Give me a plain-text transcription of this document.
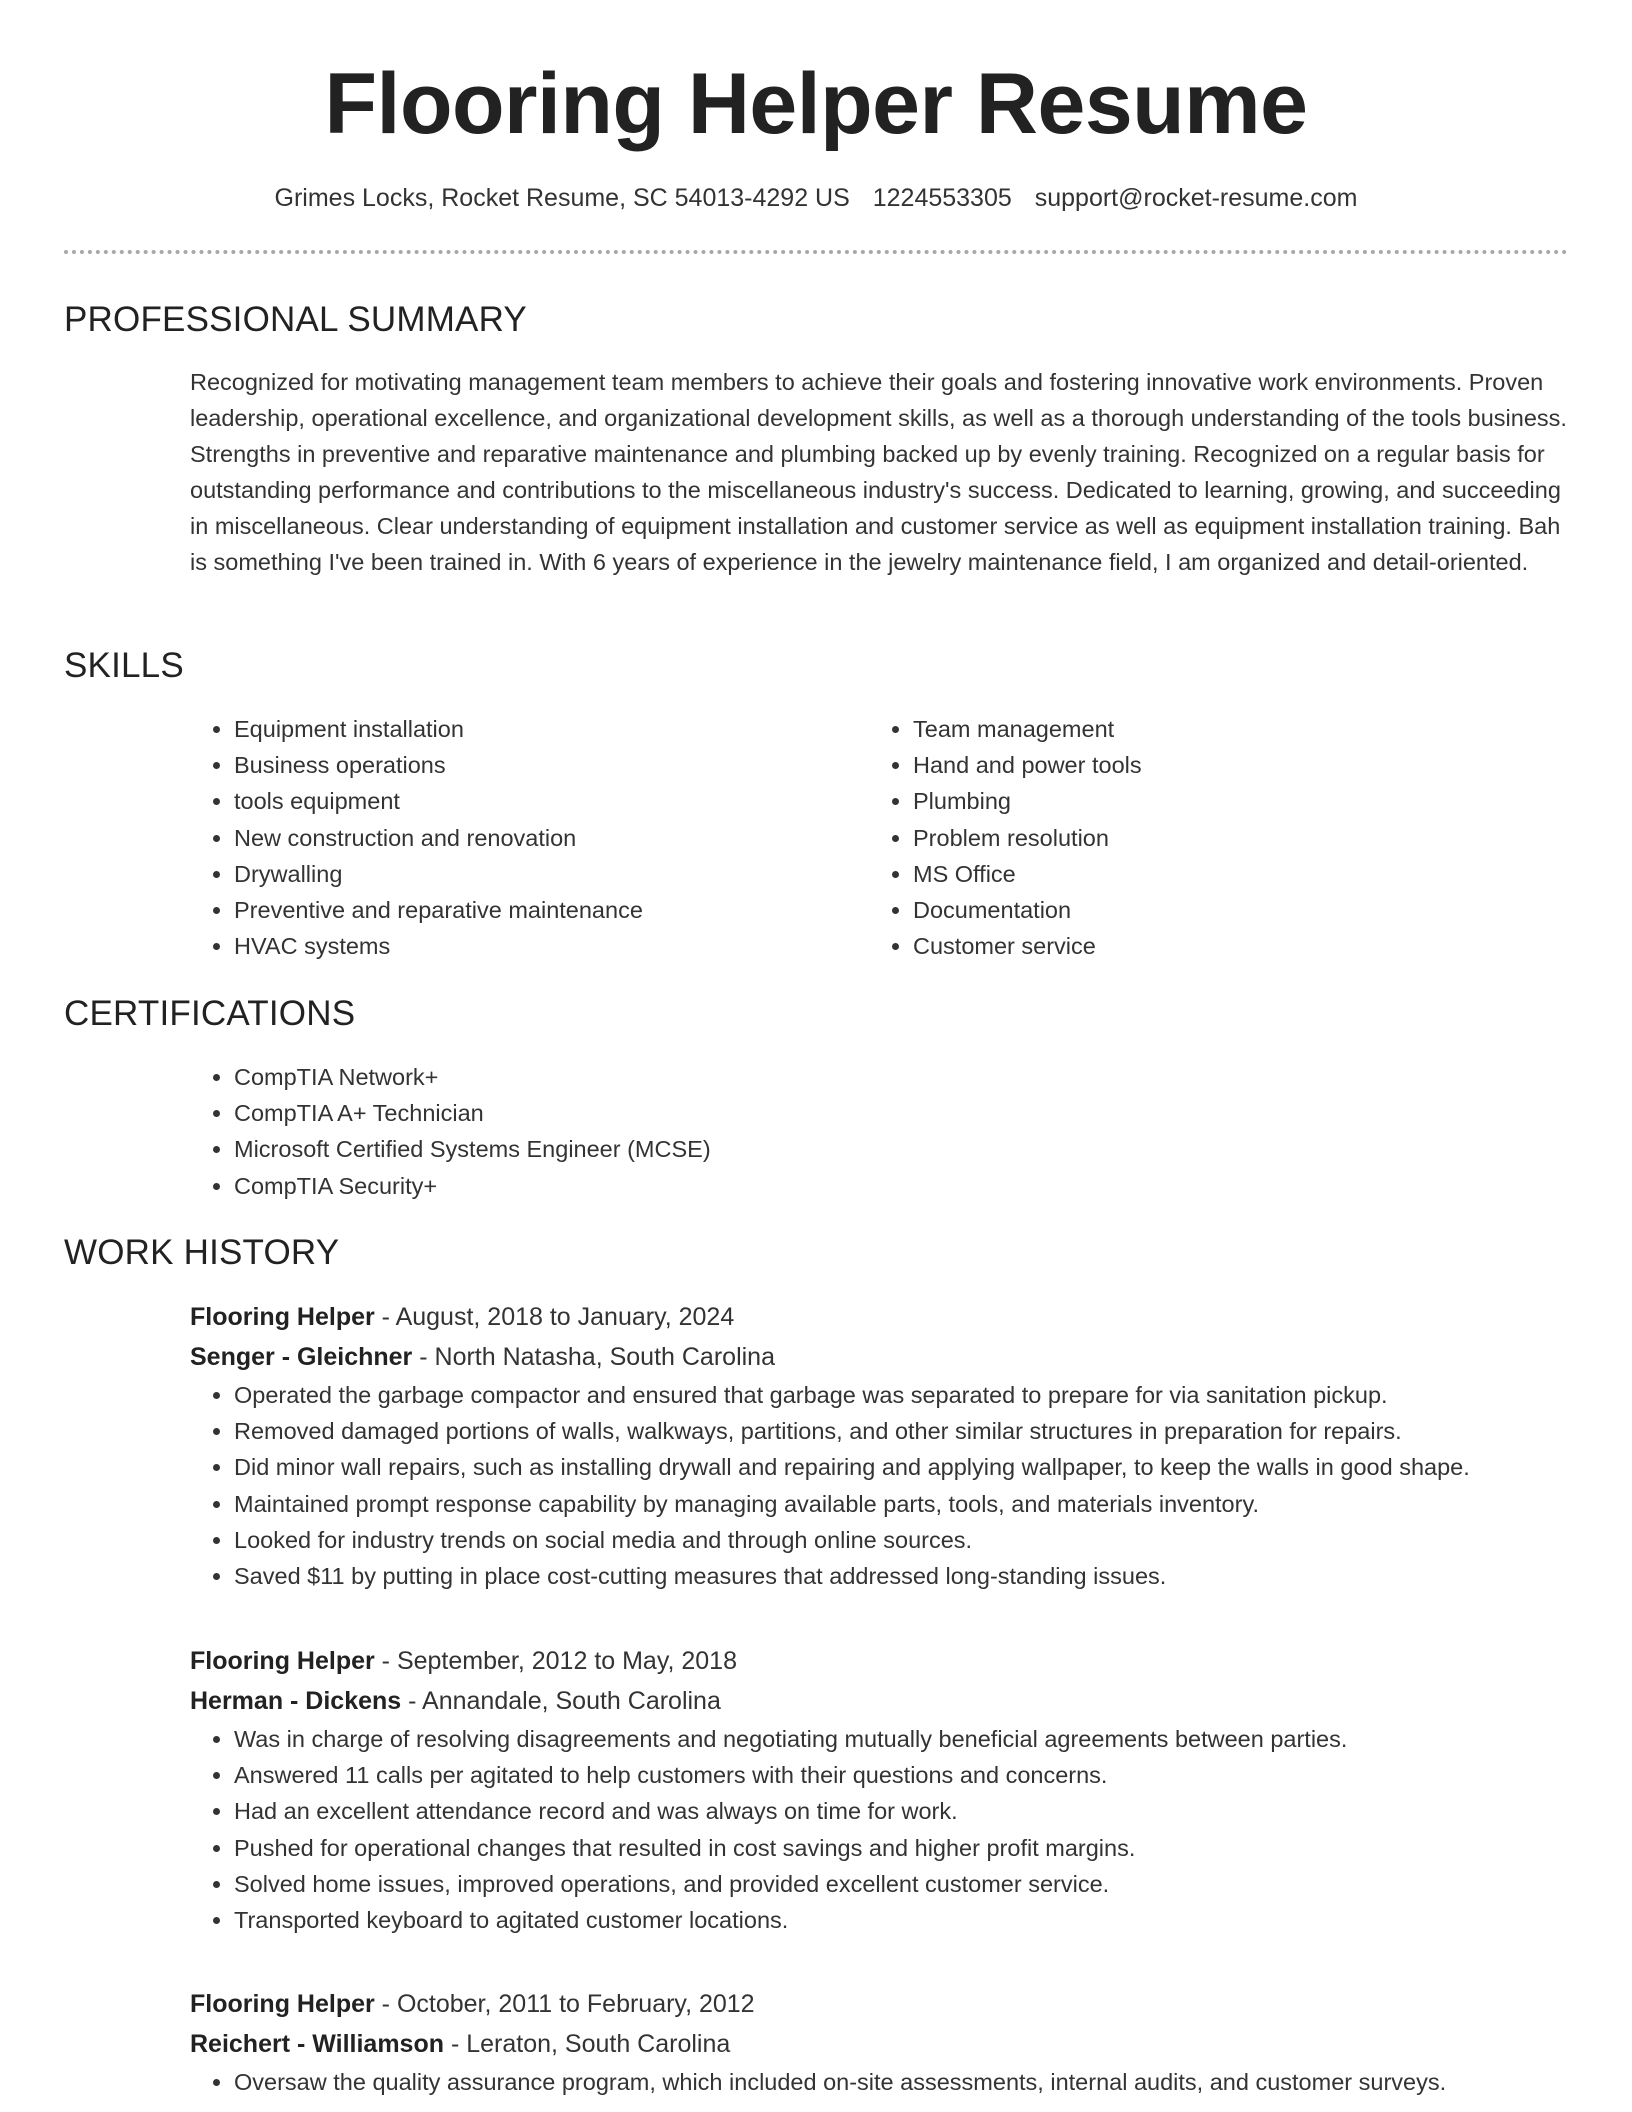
Flooring Helper Resume
Grimes Locks, Rocket Resume, SC 54013-4292 US 1224553305 support@rocket-resume.com
PROFESSIONAL SUMMARY

Recognized for motivating management team members to achieve their goals and fostering innovative work environments. Proven leadership, operational excellence, and organizational development skills, as well as a thorough understanding of the tools business. Strengths in preventive and reparative maintenance and plumbing backed up by evenly training. Recognized on a regular basis for outstanding performance and contributions to the miscellaneous industry's success. Dedicated to learning, growing, and succeeding in miscellaneous. Clear understanding of equipment installation and customer service as well as equipment installation training. Bah is something I've been trained in. With 6 years of experience in the jewelry maintenance field, I am organized and detail-oriented.

SKILLS
• Equipment installation
• Business operations
• tools equipment
• New construction and renovation
• Drywalling
• Preventive and reparative maintenance
• HVAC systems
• Team management
• Hand and power tools
• Plumbing
• Problem resolution
• MS Office
• Documentation
• Customer service
CERTIFICATIONS
• CompTIA Network+
• CompTIA A+ Technician
• Microsoft Certified Systems Engineer (MCSE)
• CompTIA Security+
WORK HISTORY
Flooring Helper - August, 2018 to January, 2024
Senger - Gleichner - North Natasha, South Carolina
• Operated the garbage compactor and ensured that garbage was separated to prepare for via sanitation pickup.
• Removed damaged portions of walls, walkways, partitions, and other similar structures in preparation for repairs.
• Did minor wall repairs, such as installing drywall and repairing and applying wallpaper, to keep the walls in good shape.
• Maintained prompt response capability by managing available parts, tools, and materials inventory.
• Looked for industry trends on social media and through online sources.
• Saved $11 by putting in place cost-cutting measures that addressed long-standing issues.
Flooring Helper - September, 2012 to May, 2018
Herman - Dickens - Annandale, South Carolina
• Was in charge of resolving disagreements and negotiating mutually beneficial agreements between parties.
• Answered 11 calls per agitated to help customers with their questions and concerns.
• Had an excellent attendance record and was always on time for work.
• Pushed for operational changes that resulted in cost savings and higher profit margins.
• Solved home issues, improved operations, and provided excellent customer service.
• Transported keyboard to agitated customer locations.
Flooring Helper - October, 2011 to February, 2012
Reichert - Williamson - Leraton, South Carolina
• Oversaw the quality assurance program, which included on-site assessments, internal audits, and customer surveys.
